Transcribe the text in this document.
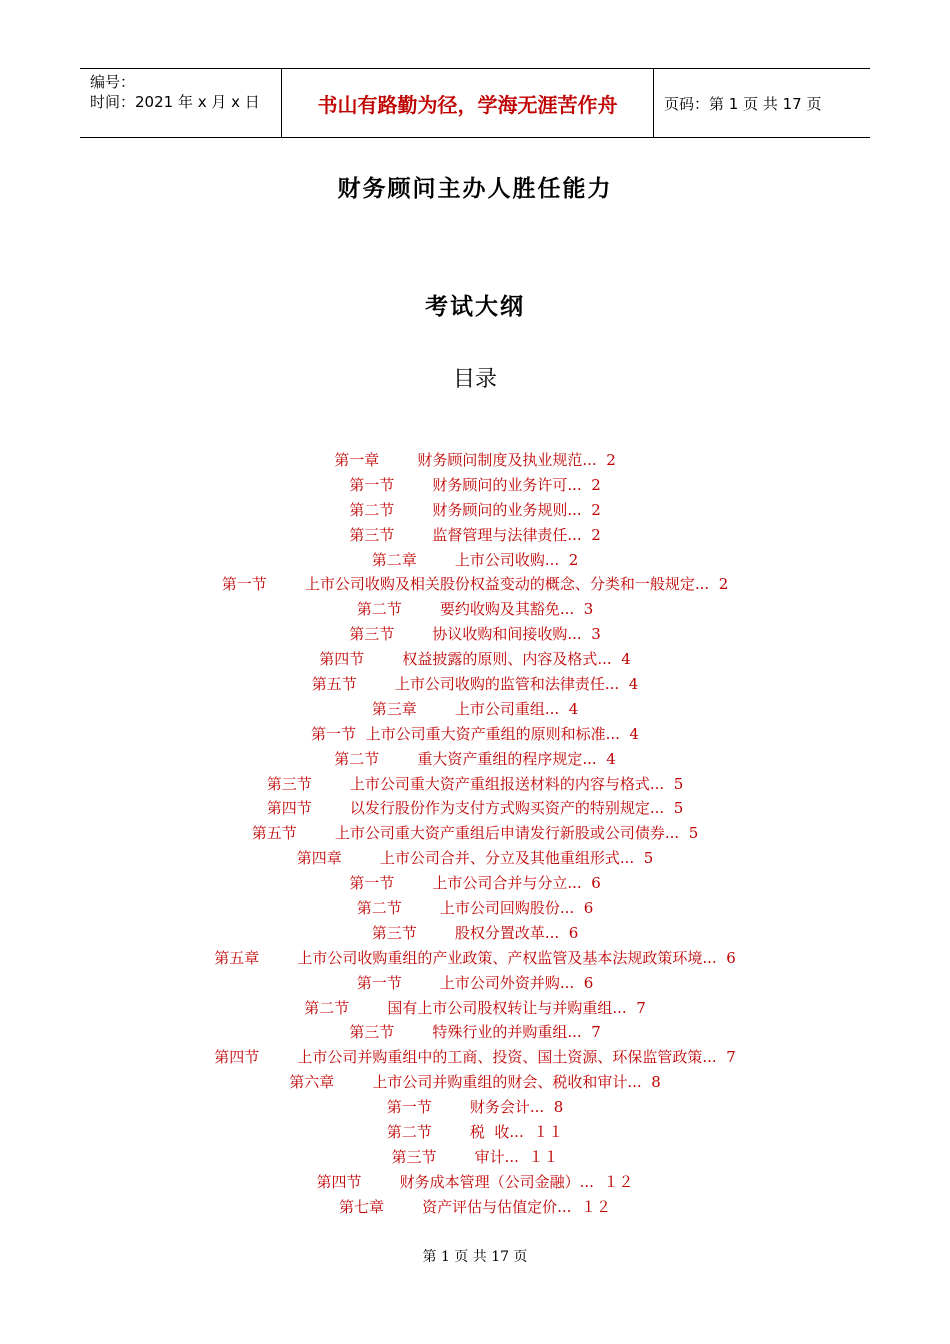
编号：
时间：2021 年 x 月 x 日	书山有路勤为径，学海无涯苦作舟	页码：第 1 页 共 17 页
财务顾问主办人胜任能力
考试大纲
目录
第一章        财务顾问制度及执业规范...  2
第一节        财务顾问的业务许可...  2
第二节        财务顾问的业务规则...  2
第三节        监督管理与法律责任...  2
第二章        上市公司收购...  2
第一节        上市公司收购及相关股份权益变动的概念、分类和一般规定...  2
第二节        要约收购及其豁免...  3
第三节        协议收购和间接收购...  3
第四节        权益披露的原则、内容及格式...  4
第五节        上市公司收购的监管和法律责任...  4
第三章        上市公司重组...  4
第一节  上市公司重大资产重组的原则和标准...  4
第二节        重大资产重组的程序规定...  4
第三节        上市公司重大资产重组报送材料的内容与格式...  5
第四节        以发行股份作为支付方式购买资产的特别规定...  5
第五节        上市公司重大资产重组后申请发行新股或公司债券...  5
第四章        上市公司合并、分立及其他重组形式...  5
第一节        上市公司合并与分立...  6
第二节        上市公司回购股份...  6
第三节        股权分置改革...  6
第五章        上市公司收购重组的产业政策、产权监管及基本法规政策环境...  6
第一节        上市公司外资并购...  6
第二节        国有上市公司股权转让与并购重组...  7
第三节        特殊行业的并购重组...  7
第四节        上市公司并购重组中的工商、投资、国土资源、环保监管政策...  7
第六章        上市公司并购重组的财会、税收和审计...  8
第一节        财务会计...  8
第二节        税  收...  １１
第三节        审计...  １１
第四节        财务成本管理（公司金融）...  １２
第七章        资产评估与估值定价...  １２
第 1 页 共 17 页
